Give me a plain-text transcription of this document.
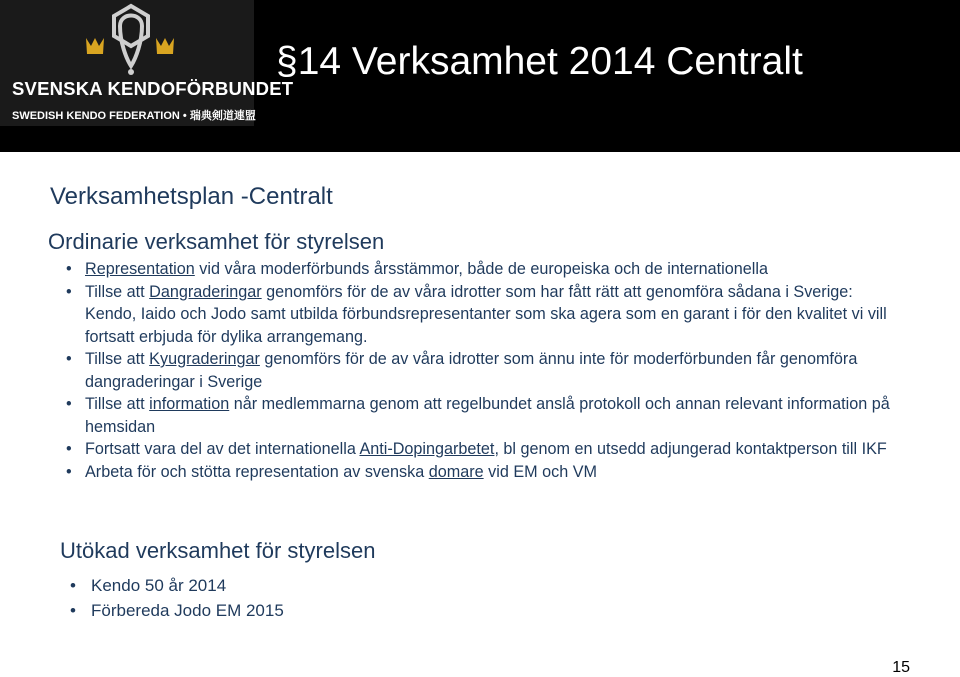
SVENSKA KENDOFÖRBUNDET
SWEDISH KENDO FEDERATION • 瑞典剣道連盟
§14 Verksamhet 2014 Centralt
Verksamhetsplan -Centralt
Ordinarie verksamhet för styrelsen
• Representation vid våra moderförbunds årsstämmor, både de europeiska och de internationella
• Tillse att Dangraderingar genomförs för de av våra idrotter som har fått rätt att genomföra sådana i Sverige: Kendo, Iaido och Jodo samt utbilda förbundsrepresentanter som ska agera som en garant i för den kvalitet vi vill fortsatt erbjuda för dylika arrangemang.
• Tillse att Kyugraderingar genomförs för de av våra idrotter som ännu inte för moderförbunden får genomföra dangraderingar i Sverige
• Tillse att information når medlemmarna genom att regelbundet anslå protokoll och annan relevant information på hemsidan
• Fortsatt vara del av det internationella Anti-Dopingarbetet, bl genom en utsedd adjungerad kontaktperson till IKF
• Arbeta för och stötta representation av svenska domare vid EM och VM
Utökad verksamhet för styrelsen
• Kendo 50 år 2014
• Förbereda Jodo EM 2015
15
